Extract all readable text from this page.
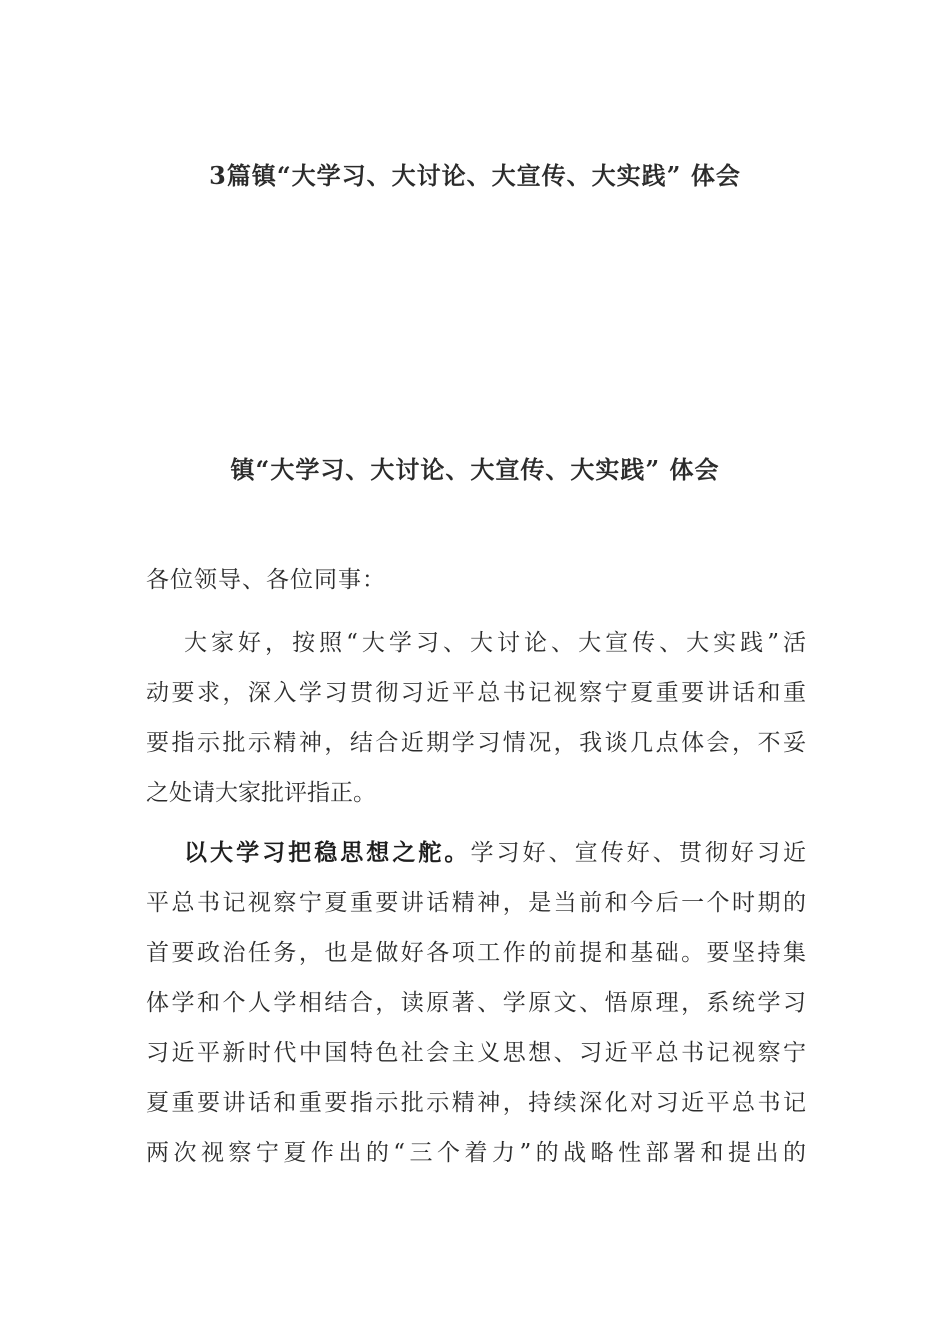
3篇镇“大学习、大讨论、大宣传、大实践” 体会
镇“大学习、大讨论、大宣传、大实践” 体会
各位领导、各位同事：
大家好，按照“大学习、大讨论、大宣传、大实践”活
动要求，深入学习贯彻习近平总书记视察宁夏重要讲话和重
要指示批示精神，结合近期学习情况，我谈几点体会，不妥
之处请大家批评指正。
以大学习把稳思想之舵。学习好、宣传好、贯彻好习近
平总书记视察宁夏重要讲话精神，是当前和今后一个时期的
首要政治任务，也是做好各项工作的前提和基础。要坚持集
体学和个人学相结合，读原著、学原文、悟原理，系统学习
习近平新时代中国特色社会主义思想、习近平总书记视察宁
夏重要讲话和重要指示批示精神，持续深化对习近平总书记
两次视察宁夏作出的“三个着力”的战略性部署和提出的
